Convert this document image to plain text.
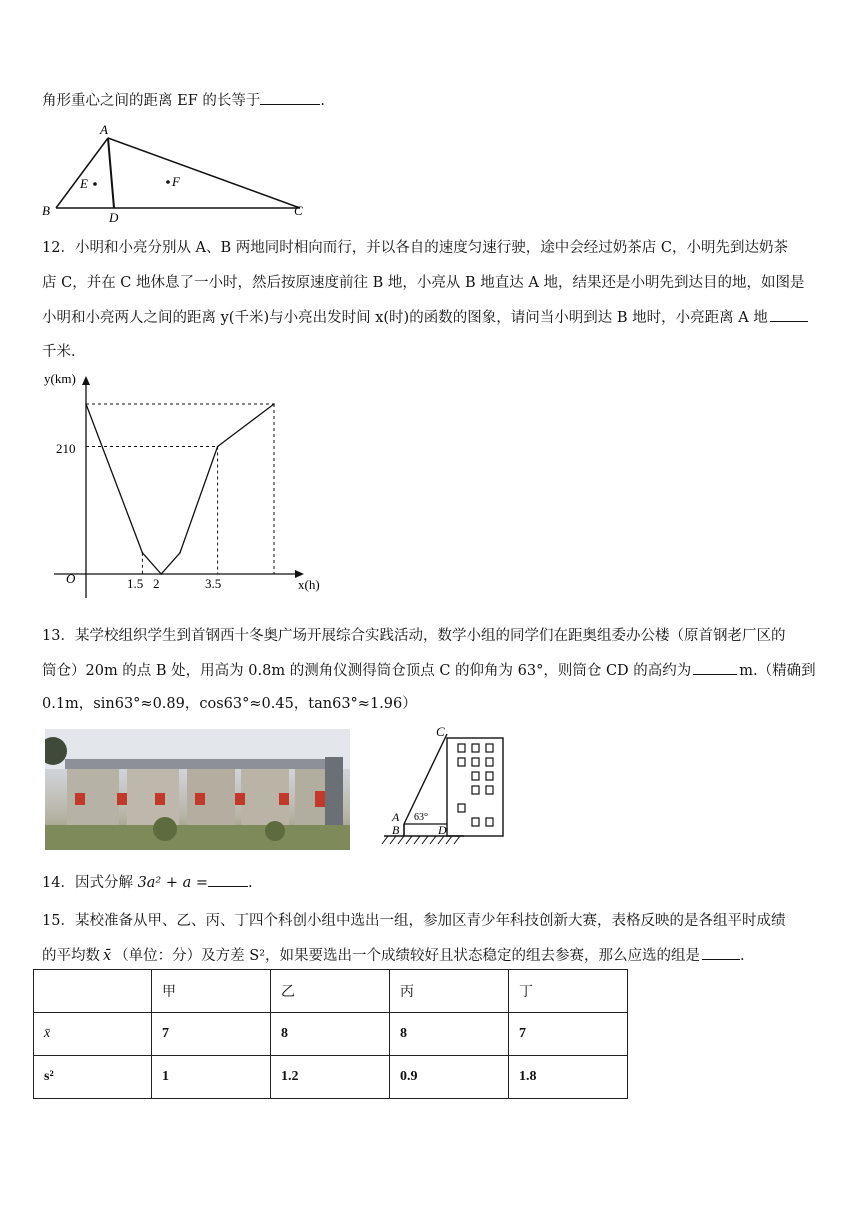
角形重心之间的距离 EF 的长等于	.
A
B	C
D
E	F
12．小明和小亮分别从 A、B 两地同时相向而行，并以各自的速度匀速行驶，途中会经过奶茶店 C，小明先到达奶茶
店 C，并在 C 地休息了一小时，然后按原速度前往 B 地，小亮从 B 地直达 A 地，结果还是小明先到达目的地，如图是
小明和小亮两人之间的距离 y(千米)与小亮出发时间 x(时)的函数的图象，请问当小明到达 B 地时，小亮距离 A 地
千米.
y(km)
x(h)
O
210
1.5 2	3.5
13．某学校组织学生到首钢西十冬奥广场开展综合实践活动，数学小组的同学们在距奥组委办公楼（原首钢老厂区的
筒仓）20m 的点 B 处，用高为 0.8m 的测角仪测得筒仓顶点 C 的仰角为 63°，则筒仓 CD 的高约为	m.（精确到
0.1m，sin63°≈0.89，cos63°≈0.45，tan63°≈1.96）
C
A
B	D
63°
14．因式分解 3a² + a =	.
15．某校准备从甲、乙、丙、丁四个科创小组中选出一组，参加区青少年科技创新大赛，表格反映的是各组平时成绩
的平均数 x̄ （单位：分）及方差 S²，如果要选出一个成绩较好且状态稳定的组去参赛，那么应选的组是	.
	甲	乙	丙	丁
x̄	7	8	8	7
s²	1	1.2	0.9	1.8
